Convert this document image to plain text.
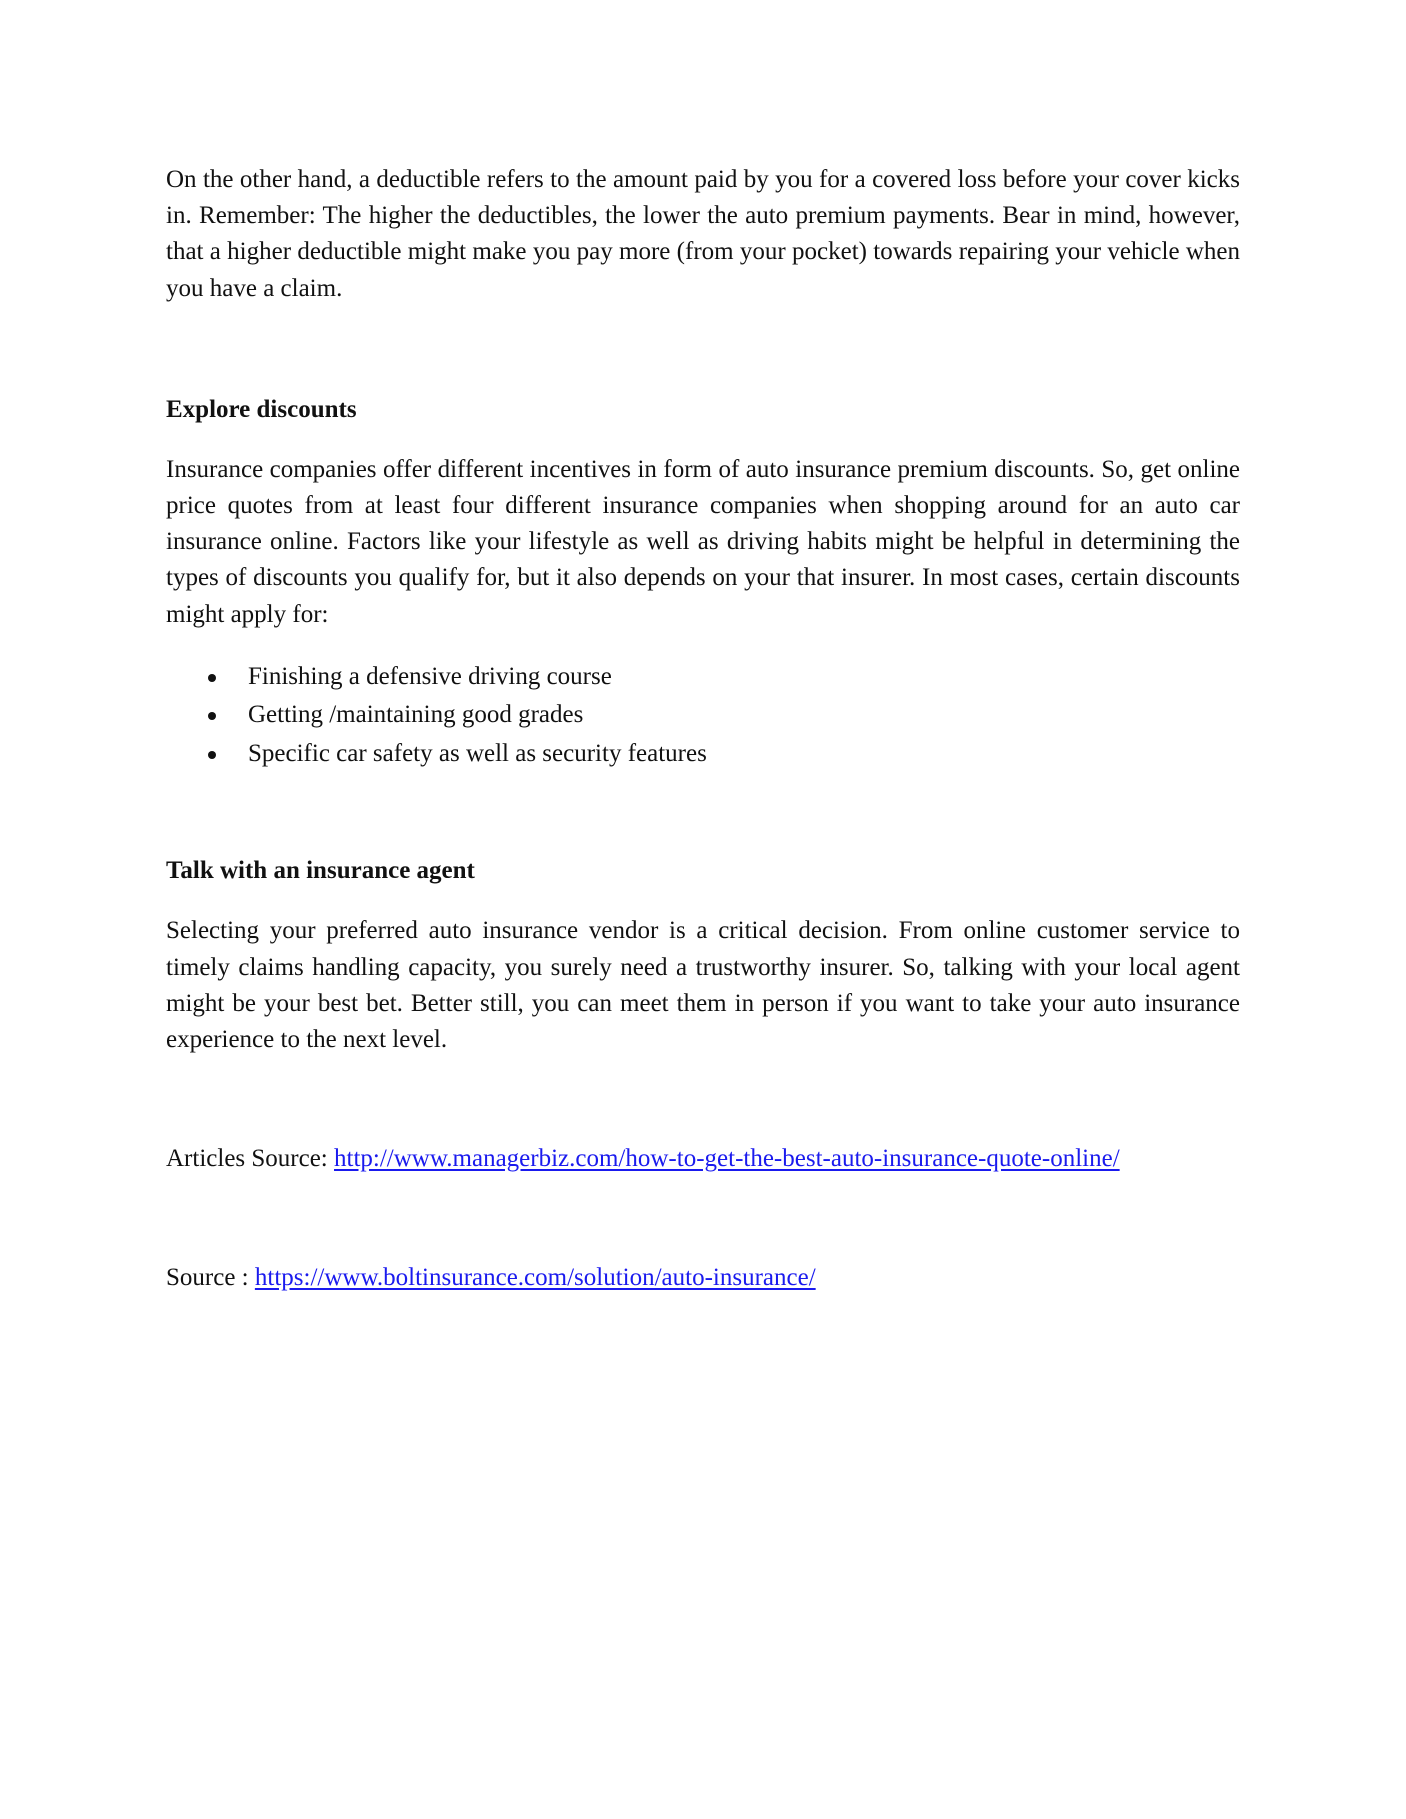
On the other hand, a deductible refers to the amount paid by you for a covered loss before your cover kicks in. Remember: The higher the deductibles, the lower the auto premium payments. Bear in mind, however, that a higher deductible might make you pay more (from your pocket) towards repairing your vehicle when you have a claim.

Explore discounts

Insurance companies offer different incentives in form of auto insurance premium discounts. So, get online price quotes from at least four different insurance companies when shopping around for an auto car insurance online. Factors like your lifestyle as well as driving habits might be helpful in determining the types of discounts you qualify for, but it also depends on your that insurer. In most cases, certain discounts might apply for:

Finishing a defensive driving course
Getting /maintaining good grades
Specific car safety as well as security features
Talk with an insurance agent

Selecting your preferred auto insurance vendor is a critical decision. From online customer service to timely claims handling capacity, you surely need a trustworthy insurer. So, talking with your local agent might be your best bet. Better still, you can meet them in person if you want to take your auto insurance experience to the next level.

Articles Source: http://www.managerbiz.com/how-to-get-the-best-auto-insurance-quote-online/

Source : https://www.boltinsurance.com/solution/auto-insurance/
